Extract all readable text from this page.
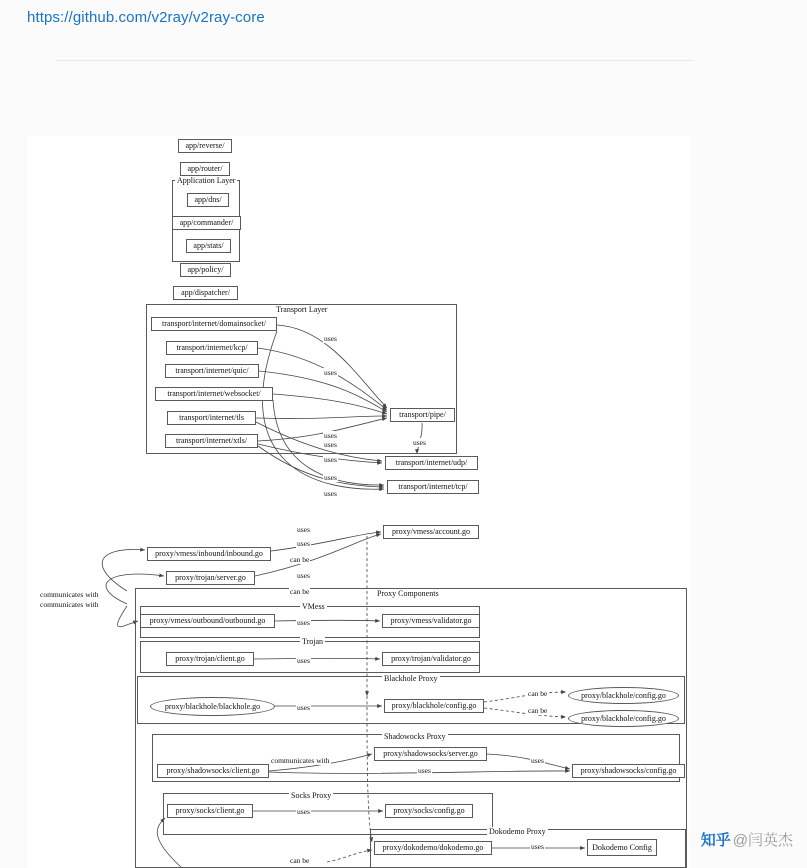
https://github.com/v2ray/v2ray-core
Application Layer
Transport Layer
Proxy Components
VMess
Trojan
Blackhole Proxy
Shadowocks Proxy
Socks Proxy
Dokodemo Proxy
app/reverse/
app/router/
app/dns/
app/commander/
app/stats/
app/policy/
app/dispatcher/
transport/internet/domainsocket/
transport/internet/kcp/
transport/internet/quic/
transport/internet/websocket/
transport/internet/tls
transport/internet/xtls/
transport/pipe/
transport/internet/udp/
transport/internet/tcp/
proxy/vmess/account.go
proxy/vmess/inbound/inbound.go
proxy/trojan/server.go
proxy/vmess/outbound/outbound.go	proxy/vmess/validator.go
proxy/trojan/client.go	proxy/trojan/validator.go
proxy/blackhole/blackhole.go	proxy/blackhole/config.go
proxy/blackhole/config.go
proxy/blackhole/config.go
proxy/shadowsocks/server.go
proxy/shadowsocks/client.go	proxy/shadowsocks/config.go
proxy/socks/client.go	proxy/socks/config.go
proxy/dokodemo/dokodemo.go	Dokodemo Config
uses
uses
uses
uses
uses
uses
uses
uses
uses
uses
can be
uses
can be
uses
uses
uses
can be
can be
communicates with
uses
uses
uses
uses
can be
communicates with
communicates with
知乎 @闫英杰
